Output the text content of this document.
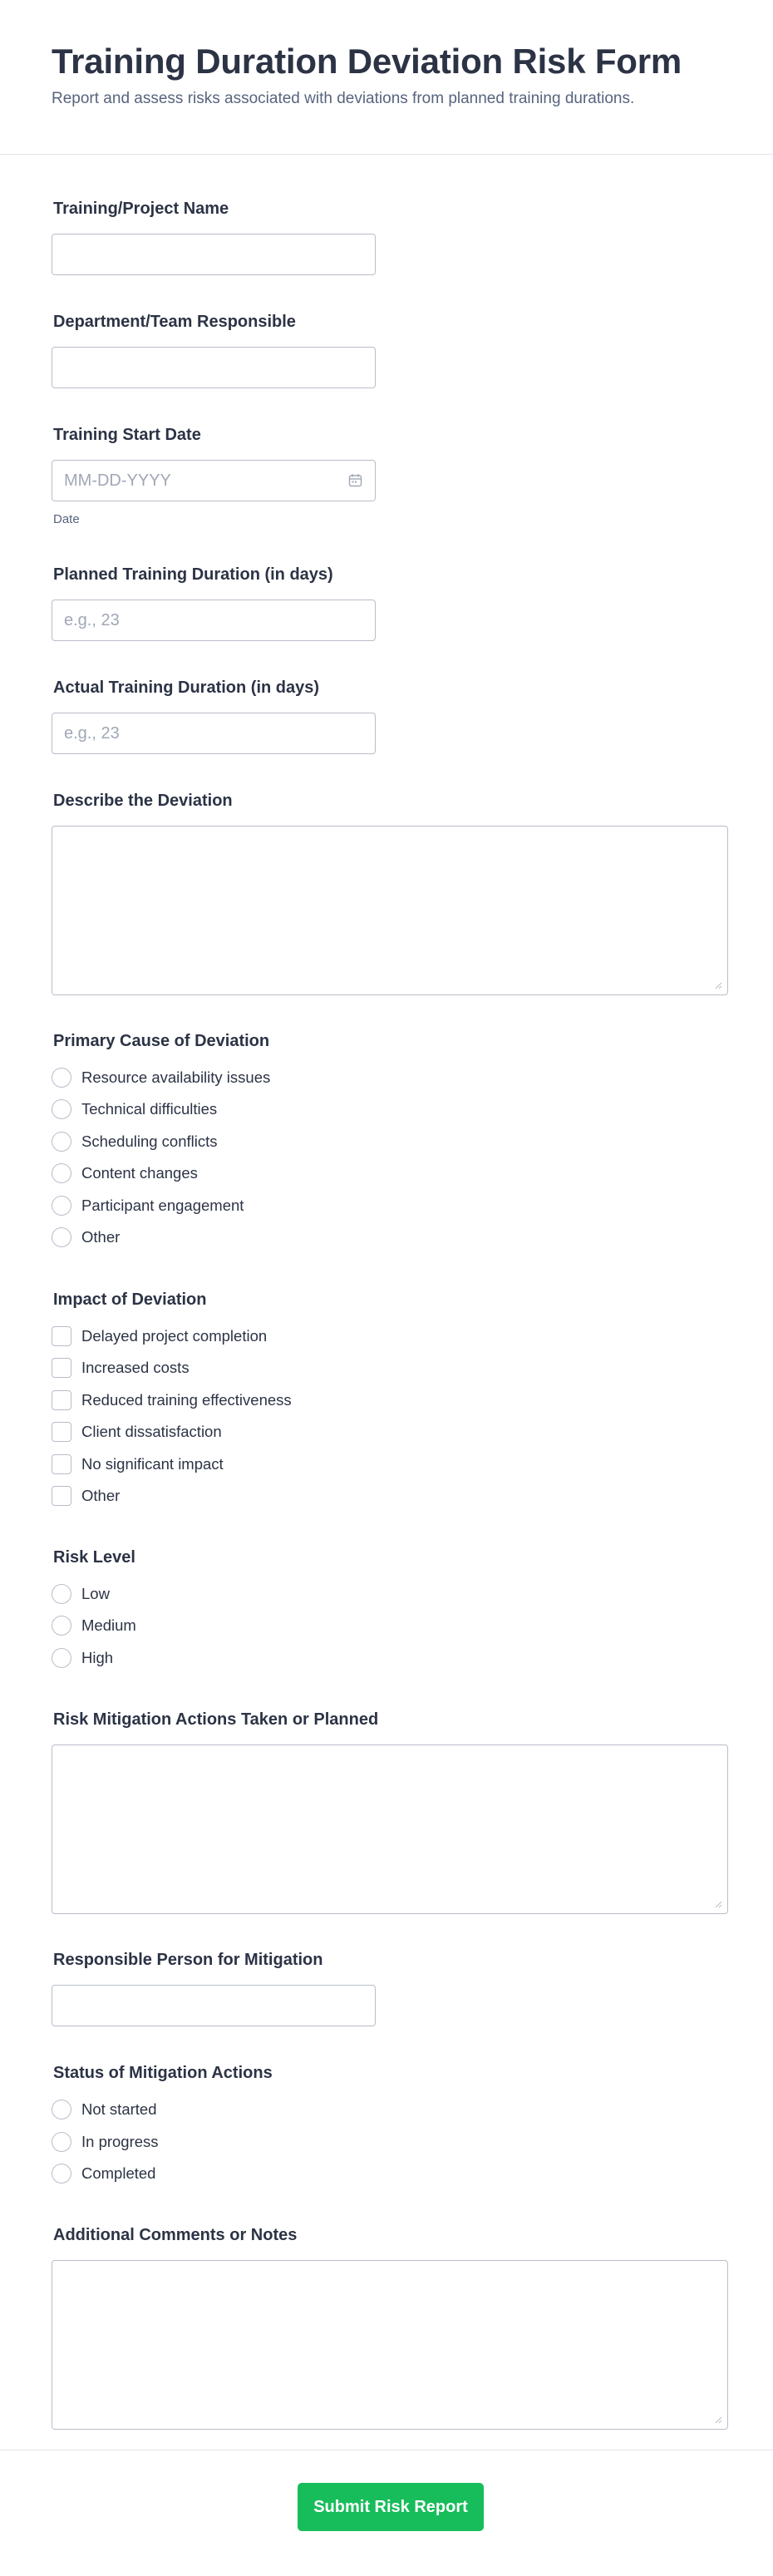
Training Duration Deviation Risk Form

Report and assess risks associated with deviations from planned training durations.

Training/Project Name
Department/Team Responsible
Training Start Date
MM-DD-YYYY
Date
Planned Training Duration (in days)
e.g., 23
Actual Training Duration (in days)
e.g., 23
Describe the Deviation
Primary Cause of Deviation
Resource availability issues
Technical difficulties
Scheduling conflicts
Content changes
Participant engagement
Other
Impact of Deviation
Delayed project completion
Increased costs
Reduced training effectiveness
Client dissatisfaction
No significant impact
Other
Risk Level
Low
Medium
High
Risk Mitigation Actions Taken or Planned
Responsible Person for Mitigation
Status of Mitigation Actions
Not started
In progress
Completed
Additional Comments or Notes
Submit Risk Report
